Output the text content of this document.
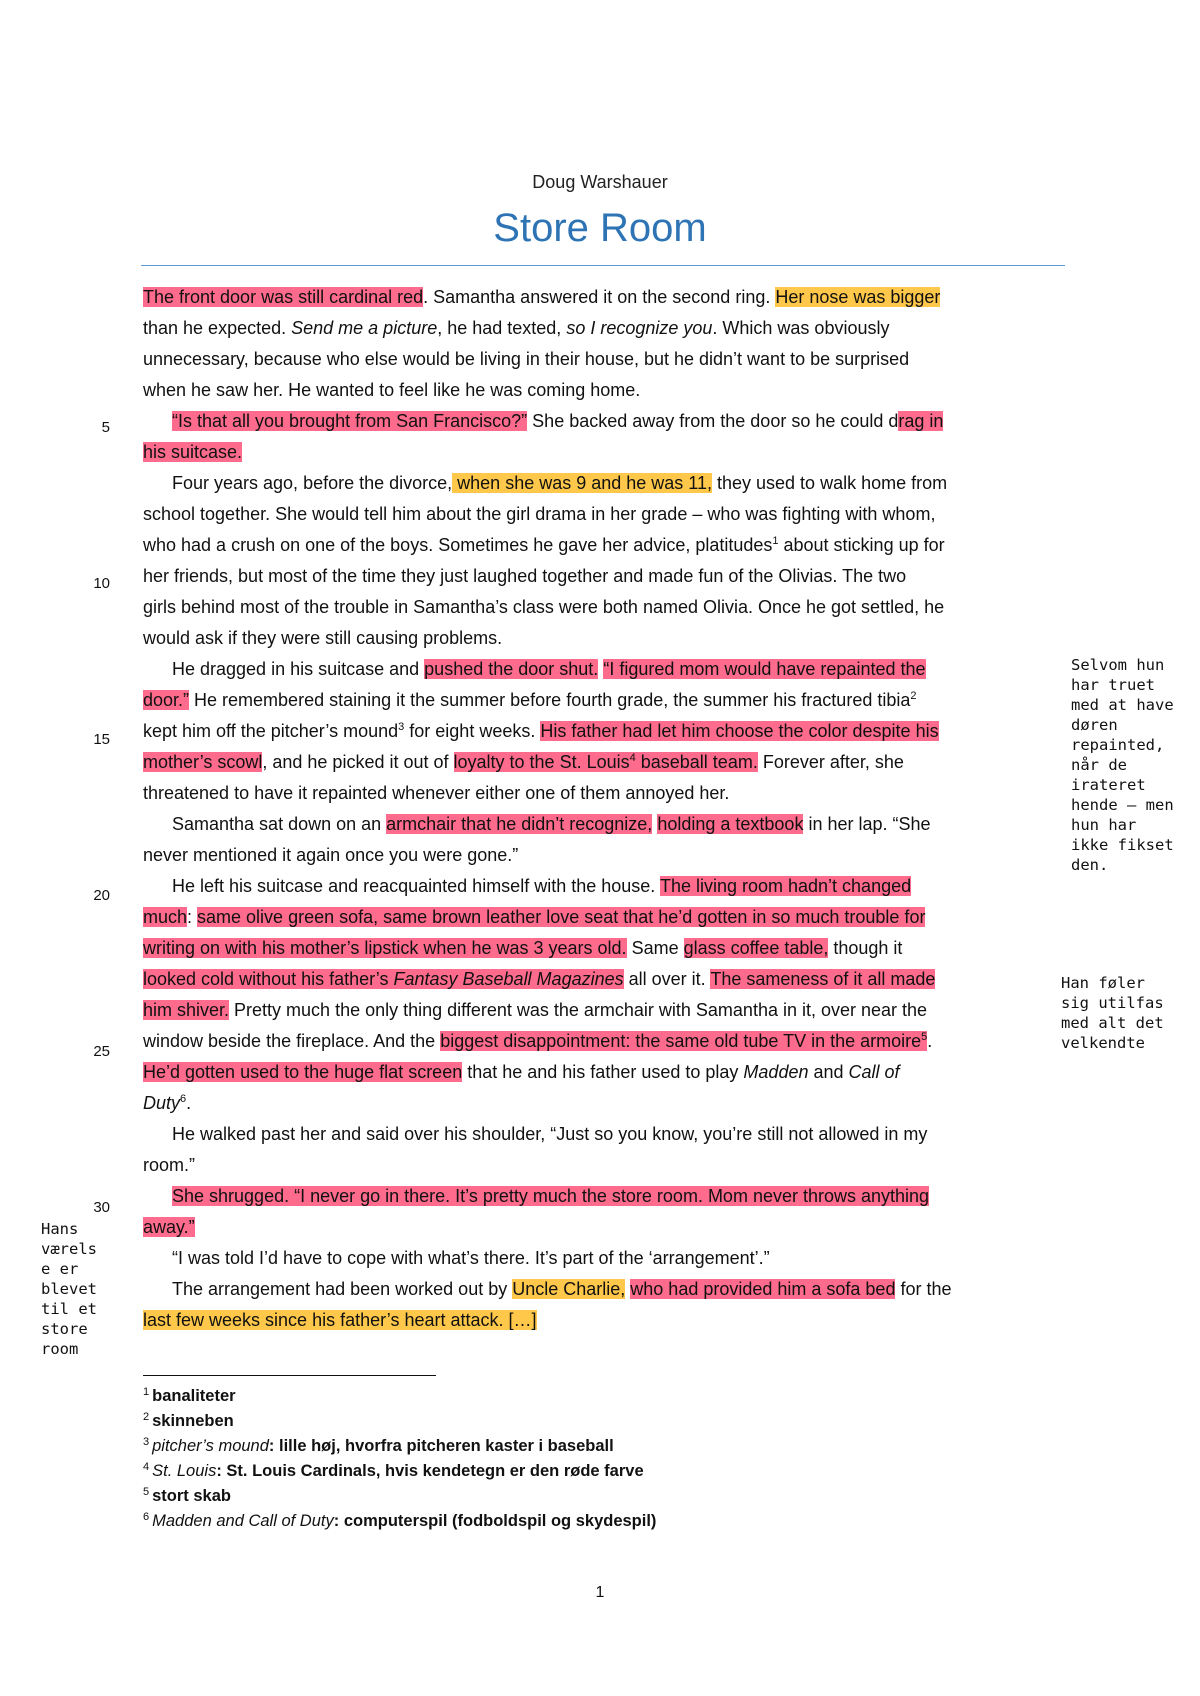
Doug Warshauer
Store Room
5
10
15
20
25
30
The front door was still cardinal red. Samantha answered it on the second ring. Her nose was bigger
than he expected. Send me a picture, he had texted, so I recognize you. Which was obviously
unnecessary, because who else would be living in their house, but he didn’t want to be surprised
when he saw her. He wanted to feel like he was coming home.
“Is that all you brought from San Francisco?” She backed away from the door so he could drag in
his suitcase.
Four years ago, before the divorce, when she was 9 and he was 11, they used to walk home from
school together. She would tell him about the girl drama in her grade – who was fighting with whom,
who had a crush on one of the boys. Sometimes he gave her advice, platitudes$^1$ about sticking up for
her friends, but most of the time they just laughed together and made fun of the Olivias. The two
girls behind most of the trouble in Samantha’s class were both named Olivia. Once he got settled, he
would ask if they were still causing problems.
He dragged in his suitcase and pushed the door shut. “I figured mom would have repainted the
door.” He remembered staining it the summer before fourth grade, the summer his fractured tibia$^2$
kept him off the pitcher’s mound$^3$ for eight weeks. His father had let him choose the color despite his
mother’s scowl, and he picked it out of loyalty to the St. Louis$^4$ baseball team. Forever after, she
threatened to have it repainted whenever either one of them annoyed her.
Samantha sat down on an armchair that he didn’t recognize, holding a textbook in her lap. “She
never mentioned it again once you were gone.”
He left his suitcase and reacquainted himself with the house. The living room hadn’t changed
much: same olive green sofa, same brown leather love seat that he’d gotten in so much trouble for
writing on with his mother’s lipstick when he was 3 years old. Same glass coffee table, though it
looked cold without his father’s Fantasy Baseball Magazines all over it. The sameness of it all made
him shiver. Pretty much the only thing different was the armchair with Samantha in it, over near the
window beside the fireplace. And the biggest disappointment: the same old tube TV in the armoire$^5$.
He’d gotten used to the huge flat screen that he and his father used to play Madden and Call of
Duty$^6$.
He walked past her and said over his shoulder, “Just so you know, you’re still not allowed in my
room.”
She shrugged. “I never go in there. It’s pretty much the store room. Mom never throws anything
away.”
“I was told I’d have to cope with what’s there. It’s part of the ‘arrangement’.”
The arrangement had been worked out by Uncle Charlie, who had provided him a sofa bed for the
last few weeks since his father’s heart attack. […]
Selvom hun
har truet
med at have
døren
repainted,
når de
irateret
hende – men
hun har
ikke fikset
den.
Han føler
sig utilfas
med alt det
velkendte
Hans
værels
e er
blevet
til et
store
room
$^1$ banaliteter
$^2$ skinneben
$^3$ pitcher’s mound: lille høj, hvorfra pitcheren kaster i baseball
$^4$ St. Louis: St. Louis Cardinals, hvis kendetegn er den røde farve
$^5$ stort skab
$^6$ Madden and Call of Duty: computerspil (fodboldspil og skydespil)
1
